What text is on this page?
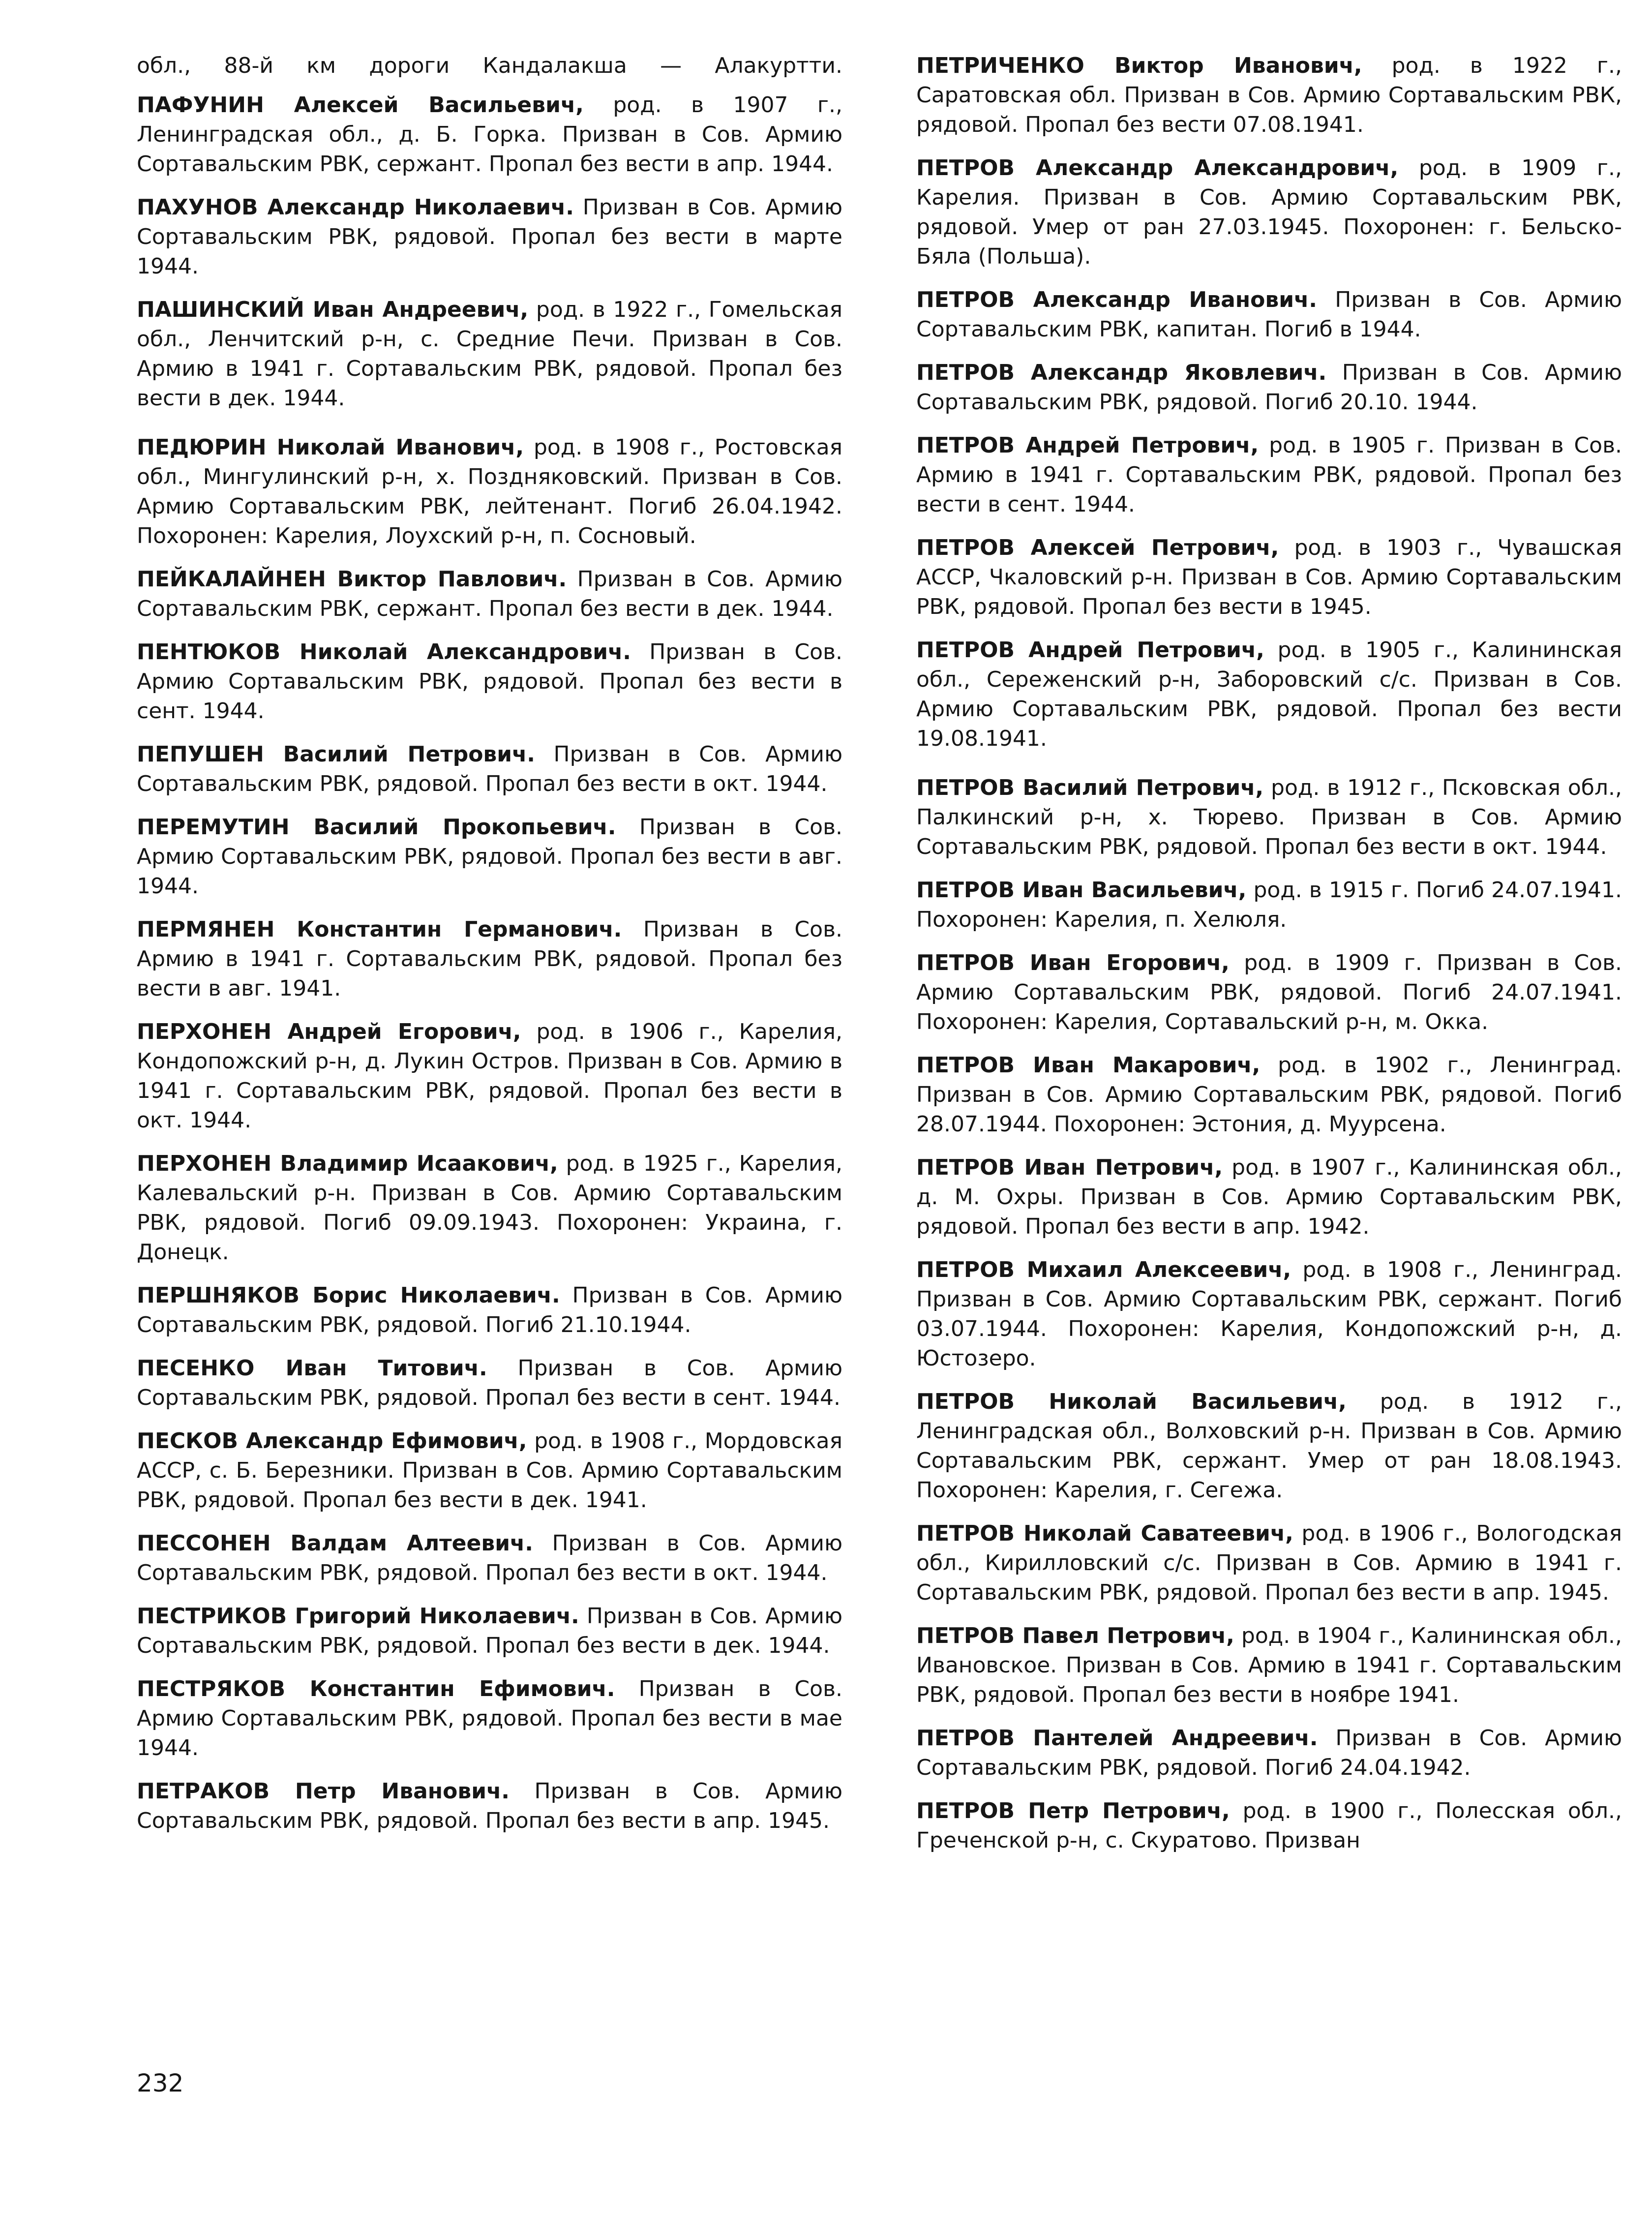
обл., 88-й км дороги Кандалакша — Алакуртти.

ПАФУНИН Алексей Васильевич, род. в 1907 г., Ленинградская обл., д. Б. Горка. Призван в Сов. Армию Сортавальским РВК, сержант. Пропал без вести в апр. 1944.

ПАХУНОВ Александр Николаевич. Призван в Сов. Армию Сортавальским РВК, рядовой. Пропал без вести в марте 1944.

ПАШИНСКИЙ Иван Андреевич, род. в 1922 г., Гомельская обл., Ленчитский р-н, с. Средние Печи. Призван в Сов. Армию в 1941 г. Сортавальским РВК, рядовой. Пропал без вести в дек. 1944.

ПЕДЮРИН Николай Иванович, род. в 1908 г., Ростовская обл., Мингулинский р-н, х. Поздняковский. Призван в Сов. Армию Сортавальским РВК, лейтенант. Погиб 26.04.1942. Похоронен: Карелия, Лоухский р-н, п. Сосновый.

ПЕЙКАЛАЙНЕН Виктор Павлович. Призван в Сов. Армию Сортавальским РВК, сержант. Пропал без вести в дек. 1944.

ПЕНТЮКОВ Николай Александрович. Призван в Сов. Армию Сортавальским РВК, рядовой. Пропал без вести в сент. 1944.

ПЕПУШЕН Василий Петрович. Призван в Сов. Армию Сортавальским РВК, рядовой. Пропал без вести в окт. 1944.

ПЕРЕМУТИН Василий Прокопьевич. Призван в Сов. Армию Сортавальским РВК, рядовой. Пропал без вести в авг. 1944.

ПЕРМЯНЕН Константин Германович. Призван в Сов. Армию в 1941 г. Сортавальским РВК, рядовой. Пропал без вести в авг. 1941.

ПЕРХОНЕН Андрей Егорович, род. в 1906 г., Карелия, Кондопожский р-н, д. Лукин Остров. Призван в Сов. Армию в 1941 г. Сортавальским РВК, рядовой. Пропал без вести в окт. 1944.

ПЕРХОНЕН Владимир Исаакович, род. в 1925 г., Карелия, Калевальский р-н. Призван в Сов. Армию Сортавальским РВК, рядовой. Погиб 09.09.1943. Похоронен: Украина, г. Донецк.

ПЕРШНЯКОВ Борис Николаевич. Призван в Сов. Армию Сортавальским РВК, рядовой. Погиб 21.10.1944.

ПЕСЕНКО Иван Титович. Призван в Сов. Армию Сортавальским РВК, рядовой. Пропал без вести в сент. 1944.

ПЕСКОВ Александр Ефимович, род. в 1908 г., Мордовская АССР, с. Б. Березники. Призван в Сов. Армию Сортавальским РВК, рядовой. Пропал без вести в дек. 1941.

ПЕССОНЕН Валдам Алтеевич. Призван в Сов. Армию Сортавальским РВК, рядовой. Пропал без вести в окт. 1944.

ПЕСТРИКОВ Григорий Николаевич. Призван в Сов. Армию Сортавальским РВК, рядовой. Пропал без вести в дек. 1944.

ПЕСТРЯКОВ Константин Ефимович. Призван в Сов. Армию Сортавальским РВК, рядовой. Пропал без вести в мае 1944.

ПЕТРАКОВ Петр Иванович. Призван в Сов. Армию Сортавальским РВК, рядовой. Пропал без вести в апр. 1945.

ПЕТРИЧЕНКО Виктор Иванович, род. в 1922 г., Саратовская обл. Призван в Сов. Армию Сортавальским РВК, рядовой. Пропал без вести 07.08.1941.

ПЕТРОВ Александр Александрович, род. в 1909 г., Карелия. Призван в Сов. Армию Сортавальским РВК, рядовой. Умер от ран 27.03.1945. Похоронен: г. Бельско-Бяла (Польша).

ПЕТРОВ Александр Иванович. Призван в Сов. Армию Сортавальским РВК, капитан. Погиб в 1944.

ПЕТРОВ Александр Яковлевич. Призван в Сов. Армию Сортавальским РВК, рядовой. Погиб 20.10. 1944.

ПЕТРОВ Андрей Петрович, род. в 1905 г. Призван в Сов. Армию в 1941 г. Сортавальским РВК, рядовой. Пропал без вести в сент. 1944.

ПЕТРОВ Алексей Петрович, род. в 1903 г., Чувашская АССР, Чкаловский р-н. Призван в Сов. Армию Сортавальским РВК, рядовой. Пропал без вести в 1945.

ПЕТРОВ Андрей Петрович, род. в 1905 г., Калининская обл., Сереженский р-н, Заборовский с/с. Призван в Сов. Армию Сортавальским РВК, рядовой. Пропал без вести 19.08.1941.

ПЕТРОВ Василий Петрович, род. в 1912 г., Псковская обл., Палкинский р-н, х. Тюрево. Призван в Сов. Армию Сортавальским РВК, рядовой. Пропал без вести в окт. 1944.

ПЕТРОВ Иван Васильевич, род. в 1915 г. Погиб 24.07.1941. Похоронен: Карелия, п. Хелюля.

ПЕТРОВ Иван Егорович, род. в 1909 г. Призван в Сов. Армию Сортавальским РВК, рядовой. Погиб 24.07.1941. Похоронен: Карелия, Сортавальский р-н, м. Окка.

ПЕТРОВ Иван Макарович, род. в 1902 г., Ленинград. Призван в Сов. Армию Сортавальским РВК, рядовой. Погиб 28.07.1944. Похоронен: Эстония, д. Муурсена.

ПЕТРОВ Иван Петрович, род. в 1907 г., Калининская обл., д. М. Охры. Призван в Сов. Армию Сортавальским РВК, рядовой. Пропал без вести в апр. 1942.

ПЕТРОВ Михаил Алексеевич, род. в 1908 г., Ленинград. Призван в Сов. Армию Сортавальским РВК, сержант. Погиб 03.07.1944. Похоронен: Карелия, Кондопожский р-н, д. Юстозеро.

ПЕТРОВ Николай Васильевич, род. в 1912 г., Ленинградская обл., Волховский р-н. Призван в Сов. Армию Сортавальским РВК, сержант. Умер от ран 18.08.1943. Похоронен: Карелия, г. Сегежа.

ПЕТРОВ Николай Саватеевич, род. в 1906 г., Вологодская обл., Кирилловский с/с. Призван в Сов. Армию в 1941 г. Сортавальским РВК, рядовой. Пропал без вести в апр. 1945.

ПЕТРОВ Павел Петрович, род. в 1904 г., Калининская обл., Ивановское. Призван в Сов. Армию в 1941 г. Сортавальским РВК, рядовой. Пропал без вести в ноябре 1941.

ПЕТРОВ Пантелей Андреевич. Призван в Сов. Армию Сортавальским РВК, рядовой. Погиб 24.04.1942.

ПЕТРОВ Петр Петрович, род. в 1900 г., Полесская обл., Греченской р-н, с. Скуратово. Призван

232
